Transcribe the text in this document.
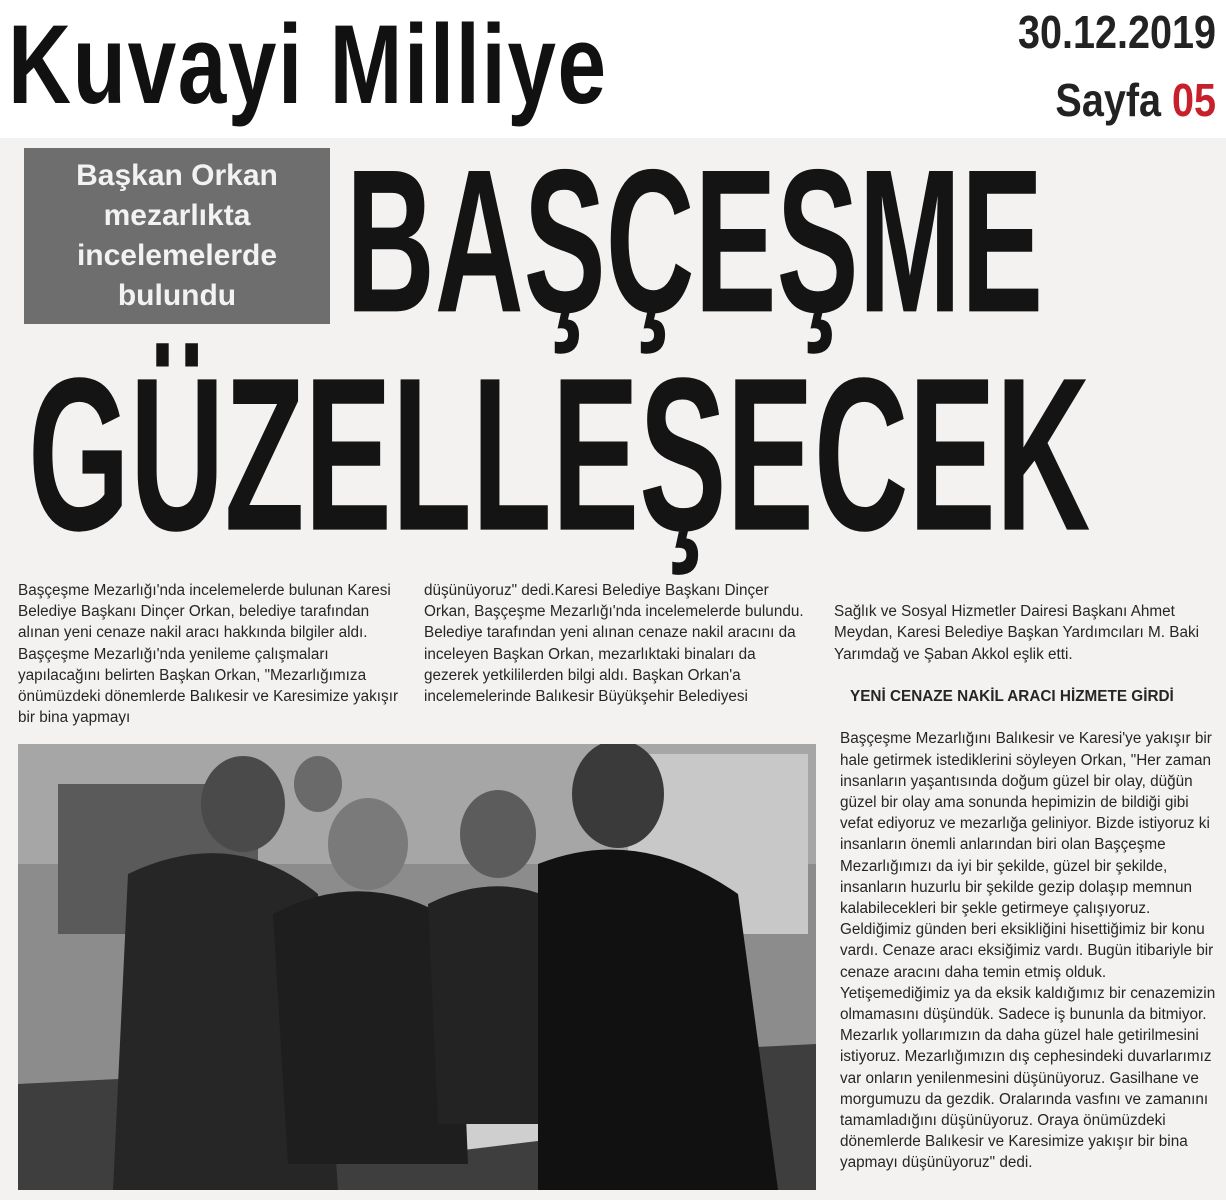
Kuvayi Milliye	30.12.2019
Sayfa 05
Başkan Orkan mezarlıkta incelemelerde bulundu BAŞÇEŞME
GÜZELLEŞECEK
Başçeşme Mezarlığı'nda incelemelerde bulunan Karesi Belediye Başkanı Dinçer Orkan, belediye tarafından alınan yeni cenaze nakil aracı hakkında bilgiler aldı. Başçeşme Mezarlığı'nda yenileme çalışmaları yapılacağını belirten Başkan Orkan, "Mezarlığımıza önümüzdeki dönemlerde Balıkesir ve Karesimize yakışır bir bina yapmayı
düşünüyoruz" dedi.Karesi Belediye Başkanı Dinçer Orkan, Başçeşme Mezarlığı'nda incelemelerde bulundu. Belediye tarafından yeni alınan cenaze nakil aracını da inceleyen Başkan Orkan, mezarlıktaki binaları da gezerek yetkililerden bilgi aldı. Başkan Orkan'a incelemelerinde Balıkesir Büyükşehir Belediyesi

Sağlık ve Sosyal Hizmetler Dairesi Başkanı Ahmet Meydan, Karesi Belediye Başkan Yardımcıları M. Baki Yarımdağ ve Şaban Akkol eşlik etti.

YENİ CENAZE NAKİL ARACI HİZMETE GİRDİ

Başçeşme Mezarlığını Balıkesir ve Karesi'ye yakışır bir hale getirmek istediklerini söyleyen Orkan, "Her zaman insanların yaşantısında doğum güzel bir olay, düğün güzel bir olay ama sonunda hepimizin de bildiği gibi vefat ediyoruz ve mezarlığa geliniyor. Bizde istiyoruz ki insanların önemli anlarından biri olan Başçeşme Mezarlığımızı da iyi bir şekilde, güzel bir şekilde, insanların huzurlu bir şekilde gezip dolaşıp memnun kalabilecekleri bir şekle getirmeye çalışıyoruz. Geldiğimiz günden beri eksikliğini hisettiğimiz bir konu vardı. Cenaze aracı eksiğimiz vardı. Bugün itibariyle bir cenaze aracını daha temin etmiş olduk. Yetişemediğimiz ya da eksik kaldığımız bir cenazemizin olmamasını düşündük. Sadece iş bununla da bitmiyor. Mezarlık yollarımızın da daha güzel hale getirilmesini istiyoruz. Mezarlığımızın dış cephesindeki duvarlarımız var onların yenilenmesini düşünüyoruz. Gasilhane ve morgumuzu da gezdik. Oralarında vasfını ve zamanını tamamladığını düşünüyoruz. Oraya önümüzdeki dönemlerde Balıkesir ve Karesimize yakışır bir bina yapmayı düşünüyoruz" dedi.
